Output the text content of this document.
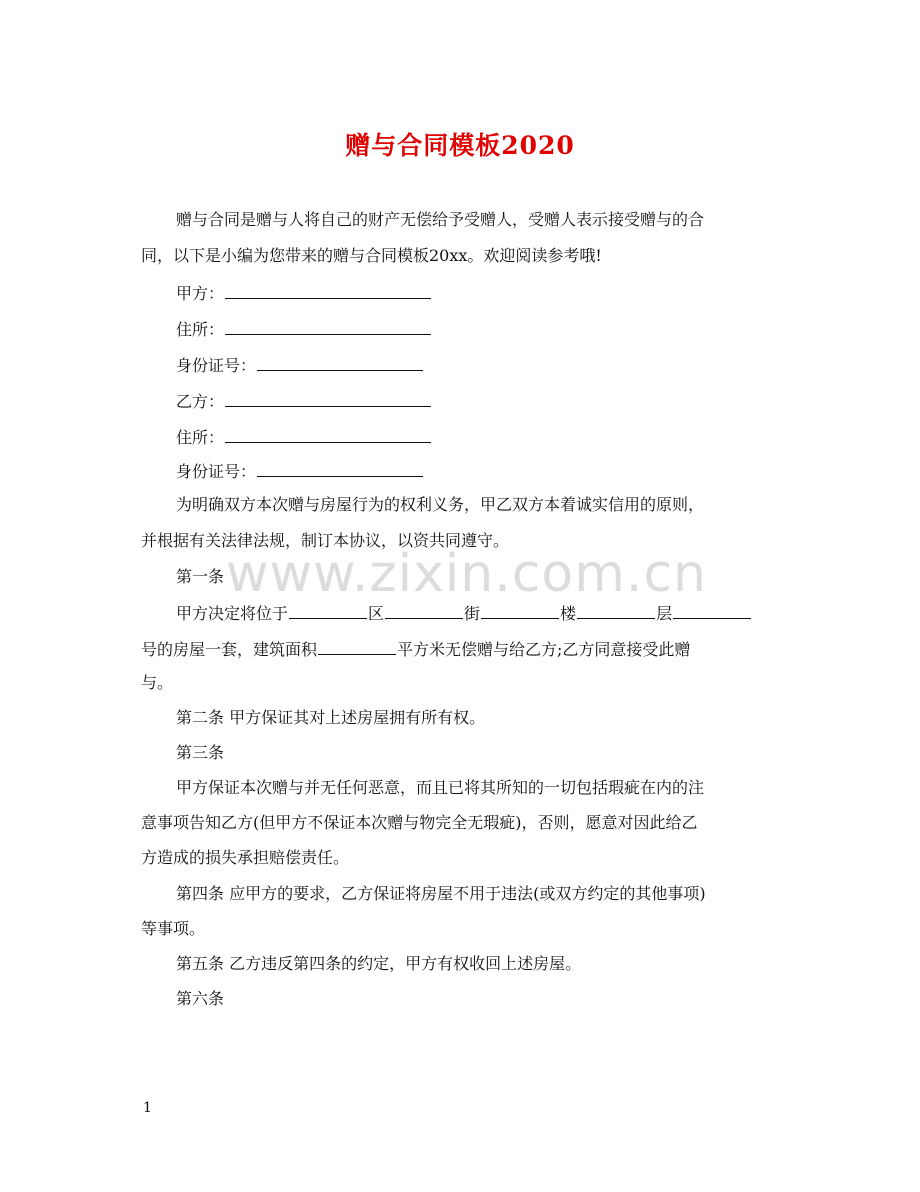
www.zixin.com.cn
赠与合同模板2020
赠与合同是赠与人将自己的财产无偿给予受赠人，受赠人表示接受赠与的合
同，以下是小编为您带来的赠与合同模板20xx。欢迎阅读参考哦!
甲方：
住所：
身份证号：
乙方：
住所：
身份证号：
为明确双方本次赠与房屋行为的权利义务，甲乙双方本着诚实信用的原则，
并根据有关法律法规，制订本协议，以资共同遵守。
第一条
甲方决定将位于	区	街	楼	层
号的房屋一套，建筑面积	平方米无偿赠与给乙方;乙方同意接受此赠
与。
第二条 甲方保证其对上述房屋拥有所有权。
第三条
甲方保证本次赠与并无任何恶意，而且已将其所知的一切包括瑕疵在内的注
意事项告知乙方(但甲方不保证本次赠与物完全无瑕疵)，否则，愿意对因此给乙
方造成的损失承担赔偿责任。
第四条 应甲方的要求，乙方保证将房屋不用于违法(或双方约定的其他事项)
等事项。
第五条 乙方违反第四条的约定，甲方有权收回上述房屋。
第六条
1
